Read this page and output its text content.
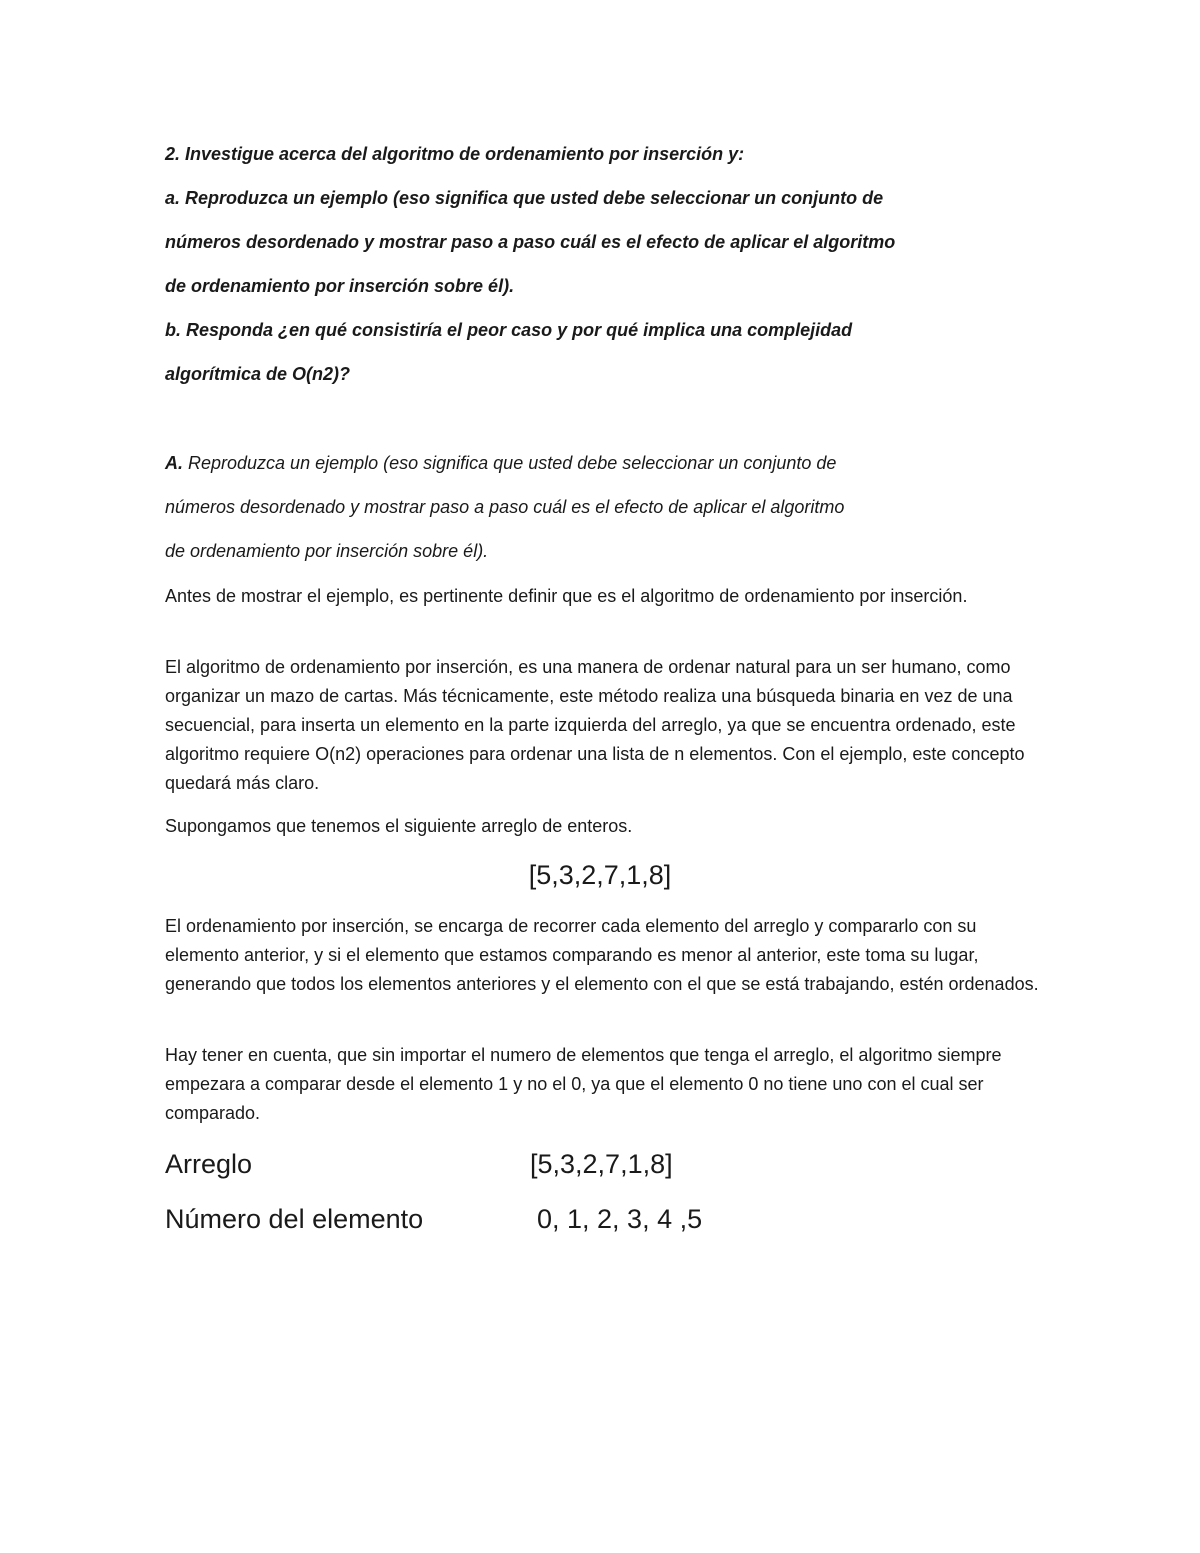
2. Investigue acerca del algoritmo de ordenamiento por inserción y:
a. Reproduzca un ejemplo (eso significa que usted debe seleccionar un conjunto de
números desordenado y mostrar paso a paso cuál es el efecto de aplicar el algoritmo
de ordenamiento por inserción sobre él).
b. Responda ¿en qué consistiría el peor caso y por qué implica una complejidad
algorítmica de O(n2)?
A. Reproduzca un ejemplo (eso significa que usted debe seleccionar un conjunto de
números desordenado y mostrar paso a paso cuál es el efecto de aplicar el algoritmo
de ordenamiento por inserción sobre él).
Antes de mostrar el ejemplo, es pertinente definir que es el algoritmo de ordenamiento por inserción.
El algoritmo de ordenamiento por inserción, es una manera de ordenar natural para un ser humano, como organizar un mazo de cartas. Más técnicamente, este método realiza una búsqueda binaria en vez de una secuencial, para inserta un elemento en la parte izquierda del arreglo, ya que se encuentra ordenado, este algoritmo requiere O(n2) operaciones para ordenar una lista de n elementos. Con el ejemplo, este concepto quedará más claro.
Supongamos que tenemos el siguiente arreglo de enteros.
[5,3,2,7,1,8]
El ordenamiento por inserción, se encarga de recorrer cada elemento del arreglo y compararlo con su elemento anterior, y si el elemento que estamos comparando es menor al anterior, este toma su lugar, generando que todos los elementos anteriores y el elemento con el que se está trabajando, estén ordenados.
Hay tener en cuenta, que sin importar el numero de elementos que tenga el arreglo, el algoritmo siempre empezara a comparar desde el elemento 1 y no el 0, ya que el elemento 0 no tiene uno con el cual ser comparado.
Arreglo	[5,3,2,7,1,8]
Número del elemento	0, 1, 2, 3, 4 ,5
